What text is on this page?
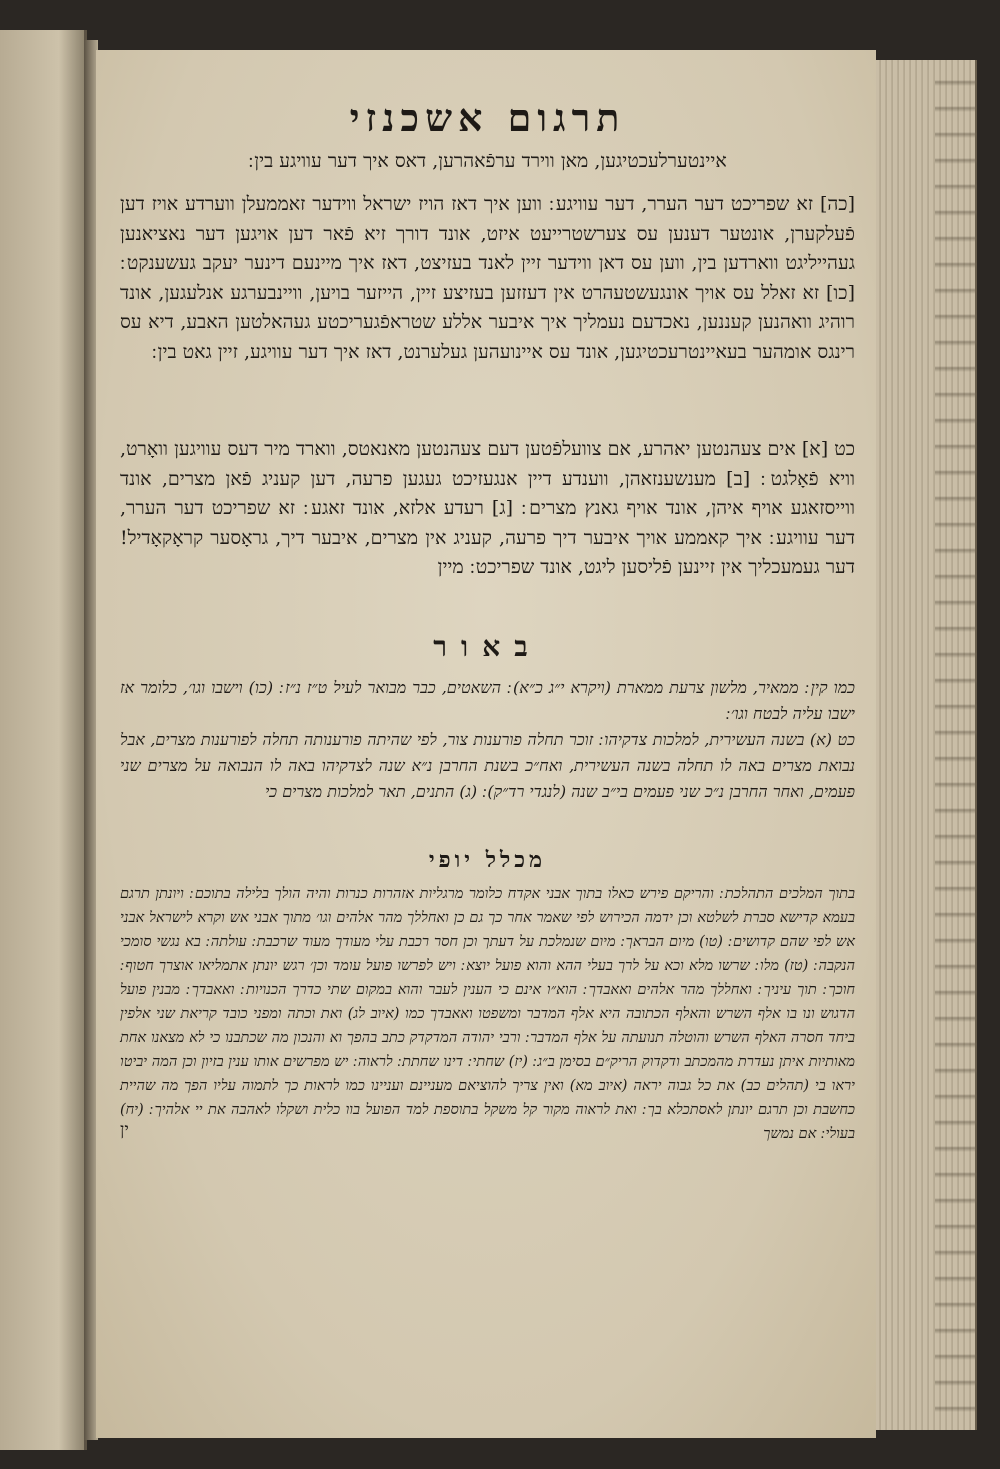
תרגום אשכנזי
איינטערלעכטיגען, מאן ווירד ערפֿאהרען, דאס איך דער עוויגע בין ׃
[כה] זא שפריכט דער הערר, דער עוויגע ׃ ווען איך דאז הויז ישראל ווידער זאממעלן ווערדע אויז דען פֿעלקערן, אונטער דענען עס צערשטרייעט איזט, אונד דורך זיא פֿאר דען אויגען דער נאציאנען געהייליגט ווארדען בין, ווען עס דאן ווידער זיין לאנד בעזיצט, דאז איך מיינעם דינער יעקב געשענקט ׃ [כו] זא זאלל עס אויך אונגעשטעהרט אין דעזזען בעזיצע זיין, הייזער בויען, וויינבערגע אנלעגען, אונד רוהיג וואהנען קעננען, נאכדעם נעמליך איך איבער אללע שטראפֿגעריכטע געהאלטען האבע, דיא עס רינגס אומהער בעאיינטרעכטיגען, אונד עס איינועהען געלערנט, דאז איך דער עוויגע, זיין גאט בין ׃
כט [א] אים צעהנטען יאהרע, אם צוועלפֿטען דעם צעהנטען מאנאטס, ווארד מיר דעס עוויגען וואָרט, וויא פֿאָלגט ׃ [ב] מענשענזאהן, ווענדע דיין אנגעזיכט געגען פרעה, דען קעניג פֿאן מצרים, אונד ווייסזאגע אויף איהן, אונד אויף גאנץ מצרים ׃ [ג] רעדע אלזא, אונד זאגע ׃ זא שפריכט דער הערר, דער עוויגע ׃ איך קאממע אויך איבער דיך פרעה, קעניג אין מצרים, איבער דיך, גראָסער קראָקאָדיל! דער געמעכליך אין זיינען פֿליסען ליגט, אונד שפריכט ׃ מיין
באור
כמו קין ׃ ממאיר, מלשון צרעת ממארת (ויקרא י״ג כ״א) ׃ השאטים, כבר מבואר לעיל ט״ז נ״ז ׃ (כו) וישבו וגו׳, כלומר אז ישבו עליה לבטח וגו׳ ׃
כט (א) בשנה העשירית, למלכות צדקיהו ׃ זוכר תחלה פורענות צור, לפי שהיתה פורענותה תחלה לפורענות מצרים, אבל נבואת מצרים באה לו תחלה בשנה העשירית, ואח״כ בשנת החרבן נ״א שנה לצדקיהו באה לו הנבואה על מצרים שני פעמים, ואחר החרבן נ״כ שני פעמים בי״ב שנה (לנגדי רד״ק) ׃ (ג) התנים, תאר למלכות מצרים כי
מכלל יופי
בתוך המלכים התהלכת ׃ והריקם פירש כאלו בתוך אבני אקדח כלומר מרגליות אזהרות כנרות והיה הולך בלילה בתוכם ׃ ויונתן תרגם בעמא קדישא סברת לשלטא וכן ידמה הכירוש לפי שאמר אחר כך גם כן ואחללך מהר אלהים וגו׳ מתוך אבני אש וקרא לישראל אבני אש לפי שהם קדושים ׃ (טו) מיום הבראך ׃ מיום שנמלכת על דעתך וכן חסר רכבת עלי מעודך מעוד שרכבת ׃ עולתה ׃ בא נגשי סומכי הנקבה ׃ (טז) מלו ׃ שרשו מלא וכא על לרך בעלי ההא והוא פועל יוצא ׃ ויש לפרשו פועל עומד וכן׳ רגש יונתן אתמליאו אוצרך חטוף ׃ חוכך ׃ תוך עיניך ׃ ואחללך מהר אלהים ואאבדך ׃ הוא״ו אינם כי הענין לעבר והוא במקום שתי כדרך הכנויות ׃ ואאבדך ׃ מבנין פועל הדגוש ונו בו אלף השרש והאלף הכתובה היא אלף המדבר ומשפטו ואאבדך כמו (איוב לג) ואת וכתה ומפני כובד קריאת שני אלפין ביחד חסרה האלף השרש והוטלה תנועתה על אלף המדבר ׃ ורבי יהודה המדקדק כתב בהפך וא והנכון מה שכתבנו כי לא מצאנו אחת מאותיות איתן נעדרת מהמכתב ודקדוק הריק״ם בסימן ב״ג ׃ (יז) שחתי ׃ דינו שחתת ׃ לראוה ׃ יש מפרשים אותו ענין בזיון וכן המה יביטו יראו בי (תהלים כב) את כל גבוה יראה (איוב מא) ואין צריך להוציאם מעניינם ועניינו כמו לראות כך לתמוה עליו הפך מה שהיית כחשבת וכן תרגם יונתן לאסתכלא בך ׃ ואת לראוה מקור קל משקל בתוספת למד הפועל בוו כלית ושקלו לאהבה את יי אלהיך ׃ (יח) בעולי ׃ אם נמשך
ין
